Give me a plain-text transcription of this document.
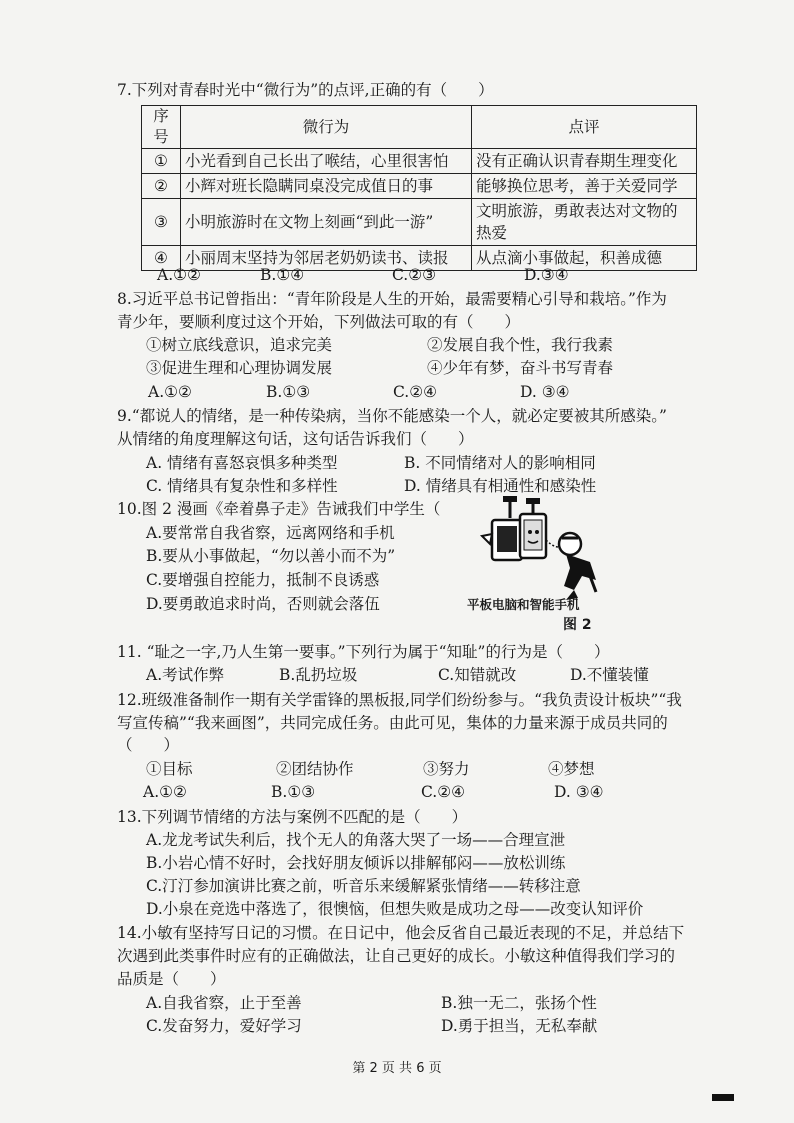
7.下列对青春时光中“微行为”的点评,正确的有（　　）
序号	微行为	点评
①	小光看到自己长出了喉结，心里很害怕	没有正确认识青春期生理变化
②	小辉对班长隐瞒同桌没完成值日的事	能够换位思考，善于关爱同学
③	小明旅游时在文物上刻画“到此一游”	文明旅游，勇敢表达对文物的热爱
④	小丽周末坚持为邻居老奶奶读书、读报	从点滴小事做起，积善成德
A.①②	B.①④	C.②③	D.③④
8.习近平总书记曾指出：“青年阶段是人生的开始，最需要精心引导和栽培。”作为
青少年，要顺利度过这个开始，下列做法可取的有（　　）
①树立底线意识，追求完美	②发展自我个性，我行我素
③促进生理和心理协调发展	④少年有梦，奋斗书写青春
A.①②	B.①③	C.②④	D. ③④
9.“都说人的情绪，是一种传染病，当你不能感染一个人，就必定要被其所感染。”
从情绪的角度理解这句话，这句话告诉我们（　　）
A. 情绪有喜怒哀惧多种类型	B. 不同情绪对人的影响相同
C. 情绪具有复杂性和多样性	D. 情绪具有相通性和感染性
10.图 2 漫画《牵着鼻子走》告诫我们中学生（
A.要常常自我省察，远离网络和手机
B.要从小事做起，“勿以善小而不为”
C.要增强自控能力，抵制不良诱惑
D.要勇敢追求时尚，否则就会落伍	平板电脑和智能手机
图 2
11. “耻之一字,乃人生第一要事。”下列行为属于“知耻”的行为是（　　）
A.考试作弊	B.乱扔垃圾	C.知错就改	D.不懂装懂
12.班级准备制作一期有关学雷锋的黑板报,同学们纷纷参与。“我负责设计板块”“我
写宣传稿”“我来画图”，共同完成任务。由此可见，集体的力量来源于成员共同的
（　　）
①目标	②团结协作	③努力	④梦想
A.①②	B.①③	C.②④	D. ③④
13.下列调节情绪的方法与案例不匹配的是（　　）
A.龙龙考试失利后，找个无人的角落大哭了一场——合理宣泄
B.小岩心情不好时，会找好朋友倾诉以排解郁闷——放松训练
C.汀汀参加演讲比赛之前，听音乐来缓解紧张情绪——转移注意
D.小泉在竞选中落选了，很懊恼，但想失败是成功之母——改变认知评价
14.小敏有坚持写日记的习惯。在日记中，他会反省自己最近表现的不足，并总结下
次遇到此类事件时应有的正确做法，让自己更好的成长。小敏这种值得我们学习的
品质是（　　）
A.自我省察，止于至善	B.独一无二，张扬个性
C.发奋努力，爱好学习	D.勇于担当，无私奉献
第 2 页 共 6 页
